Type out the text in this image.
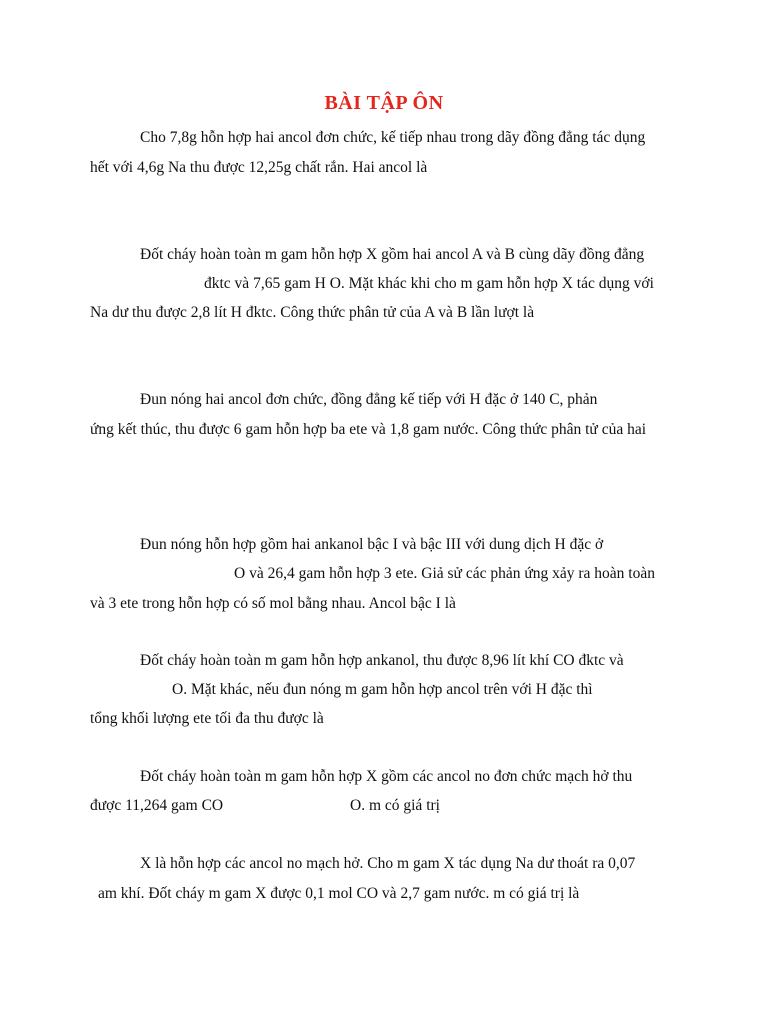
BÀI TẬP ÔN
Cho 7,8g hỗn hợp hai ancol đơn chức, kế tiếp nhau trong dãy đồng đẳng tác dụng
hết với 4,6g Na thu được 12,25g chất rắn. Hai ancol là
Đốt cháy hoàn toàn m gam hỗn hợp X gồm hai ancol A và B cùng dãy đồng đẳng
đktc và 7,65 gam H O. Mặt khác khi cho m gam hỗn hợp X tác dụng với
Na dư thu được 2,8 lít H đktc. Công thức phân tử của A và B lần lượt là
Đun nóng hai ancol đơn chức, đồng đẳng kế tiếp với H đặc ở 140 C, phản
ứng kết thúc, thu được 6 gam hỗn hợp ba ete và 1,8 gam nước. Công thức phân tử của hai
Đun nóng hỗn hợp gồm hai ankanol bậc I và bậc III với dung dịch H đặc ở
O và 26,4 gam hỗn hợp 3 ete. Giả sử các phản ứng xảy ra hoàn toàn
và 3 ete trong hỗn hợp có số mol bằng nhau. Ancol bậc I là
Đốt cháy hoàn toàn m gam hỗn hợp ankanol, thu được 8,96 lít khí CO đktc và
O. Mặt khác, nếu đun nóng m gam hỗn hợp ancol trên với H đặc thì
tổng khối lượng ete tối đa thu được là
Đốt cháy hoàn toàn m gam hỗn hợp X gồm các ancol no đơn chức mạch hở thu
được 11,264 gam CO	O. m có giá trị
X là hỗn hợp các ancol no mạch hở. Cho m gam X tác dụng Na dư thoát ra 0,07
am khí. Đốt cháy m gam X được 0,1 mol CO và 2,7 gam nước. m có giá trị là
